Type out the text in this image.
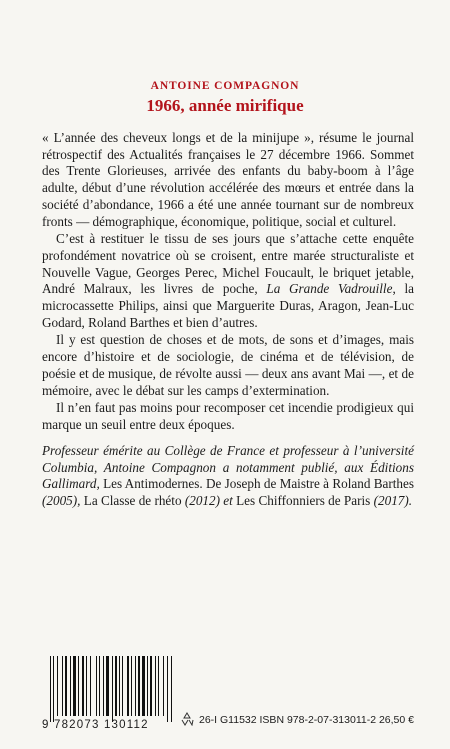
ANTOINE COMPAGNON
1966, année mirifique

« L’année des cheveux longs et de la minijupe », résume le journal rétrospectif des Actualités françaises le 27 décembre 1966. Sommet des Trente Glorieuses, arrivée des enfants du baby-boom à l’âge adulte, début d’une révolution accélérée des mœurs et entrée dans la société d’abondance, 1966 a été une année tournant sur de nombreux fronts — démographique, économique, politique, social et culturel.

C’est à restituer le tissu de ses jours que s’attache cette enquête profondément novatrice où se croisent, entre marée structuraliste et Nouvelle Vague, Georges Perec, Michel Foucault, le briquet jetable, André Malraux, les livres de poche, La Grande Vadrouille, la microcassette Philips, ainsi que Marguerite Duras, Aragon, Jean-Luc Godard, Roland Barthes et bien d’autres.

Il y est question de choses et de mots, de sons et d’images, mais encore d’histoire et de sociologie, de cinéma et de télévision, de poésie et de musique, de révolte aussi — deux ans avant Mai —, et de mémoire, avec le débat sur les camps d’extermination.

Il n’en faut pas moins pour recomposer cet incendie prodigieux qui marque un seuil entre deux époques.

Professeur émérite au Collège de France et professeur à l’université Columbia, Antoine Compagnon a notamment publié, aux Éditions Gallimard, Les Antimodernes. De Joseph de Maistre à Roland Barthes (2005), La Classe de rhéto (2012) et Les Chiffonniers de Paris (2017).

9 782073 130112	26-I G11532 ISBN 978-2-07-313011-2 26,50 €
